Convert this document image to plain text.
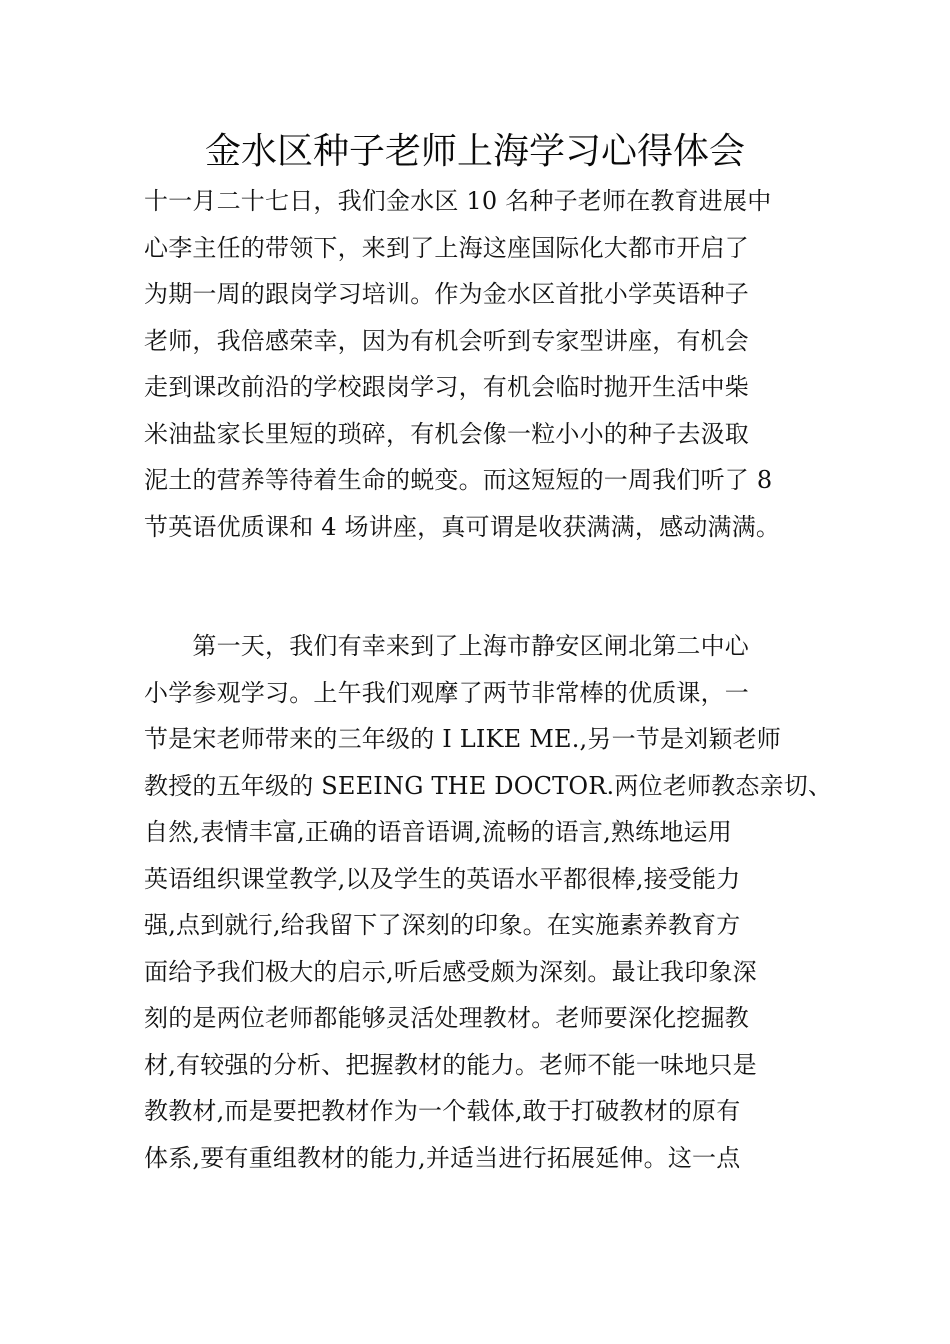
金水区种子老师上海学习心得体会
十一月二十七日，我们金水区 10 名种子老师在教育进展中
心李主任的带领下，来到了上海这座国际化大都市开启了
为期一周的跟岗学习培训。作为金水区首批小学英语种子
老师，我倍感荣幸，因为有机会听到专家型讲座，有机会
走到课改前沿的学校跟岗学习，有机会临时抛开生活中柴
米油盐家长里短的琐碎，有机会像一粒小小的种子去汲取
泥土的营养等待着生命的蜕变。而这短短的一周我们听了 8
节英语优质课和 4 场讲座，真可谓是收获满满，感动满满。
　　第一天，我们有幸来到了上海市静安区闸北第二中心
小学参观学习。上午我们观摩了两节非常棒的优质课，一
节是宋老师带来的三年级的 I LIKE ME.,另一节是刘颖老师
教授的五年级的 SEEING THE DOCTOR.两位老师教态亲切、
自然,表情丰富,正确的语音语调,流畅的语言,熟练地运用
英语组织课堂教学,以及学生的英语水平都很棒,接受能力
强,点到就行,给我留下了深刻的印象。在实施素养教育方
面给予我们极大的启示,听后感受颇为深刻。最让我印象深
刻的是两位老师都能够灵活处理教材。老师要深化挖掘教
材,有较强的分析、把握教材的能力。老师不能一味地只是
教教材,而是要把教材作为一个载体,敢于打破教材的原有
体系,要有重组教材的能力,并适当进行拓展延伸。这一点
